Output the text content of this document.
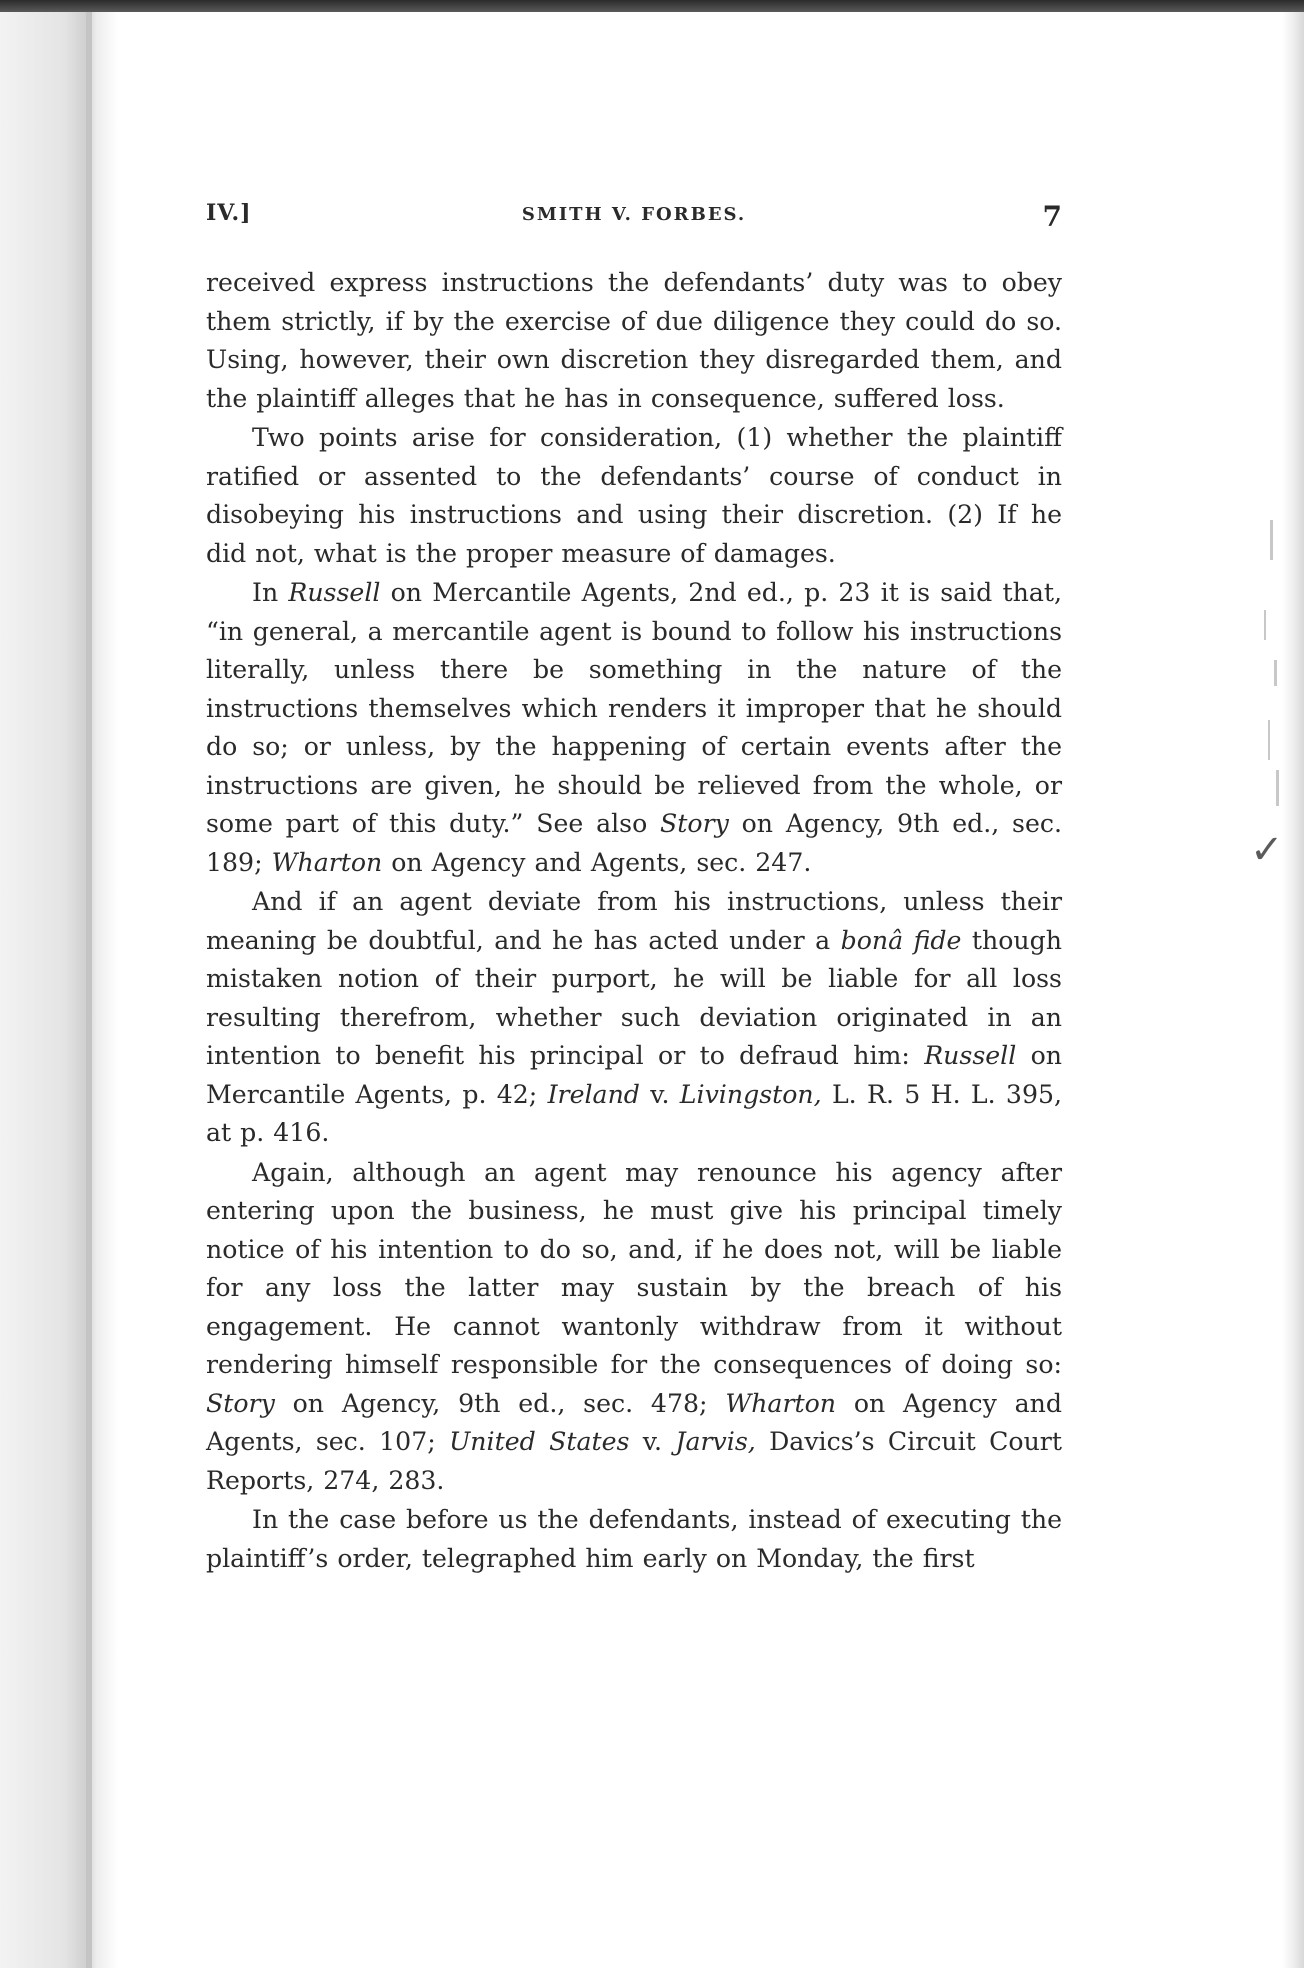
✓
IV.]	SMITH V. FORBES.	7

received express instructions the defendants’ duty was to obey them strictly, if by the exercise of due diligence they could do so. Using, however, their own discretion they disregarded them, and the plaintiff alleges that he has in consequence, suffered loss.

Two points arise for consideration, (1) whether the plaintiff ratified or assented to the defendants’ course of conduct in disobeying his instructions and using their discretion. (2) If he did not, what is the proper measure of damages.

In Russell on Mercantile Agents, 2nd ed., p. 23 it is said that, “in general, a mercantile agent is bound to follow his instructions literally, unless there be something in the nature of the instructions themselves which renders it improper that he should do so; or unless, by the happening of certain events after the instructions are given, he should be relieved from the whole, or some part of this duty.” See also Story on Agency, 9th ed., sec. 189; Wharton on Agency and Agents, sec. 247.

And if an agent deviate from his instructions, unless their meaning be doubtful, and he has acted under a bonâ fide though mistaken notion of their purport, he will be liable for all loss resulting therefrom, whether such deviation originated in an intention to benefit his principal or to defraud him: Russell on Mercantile Agents, p. 42; Ireland v. Livingston, L. R. 5 H. L. 395, at p. 416.

Again, although an agent may renounce his agency after entering upon the business, he must give his principal timely notice of his intention to do so, and, if he does not, will be liable for any loss the latter may sustain by the breach of his engagement. He cannot wantonly withdraw from it without rendering himself responsible for the consequences of doing so: Story on Agency, 9th ed., sec. 478; Wharton on Agency and Agents, sec. 107; United States v. Jarvis, Davics’s Circuit Court Reports, 274, 283.

In the case before us the defendants, instead of executing the plaintiff’s order, telegraphed him early on Monday, the first
